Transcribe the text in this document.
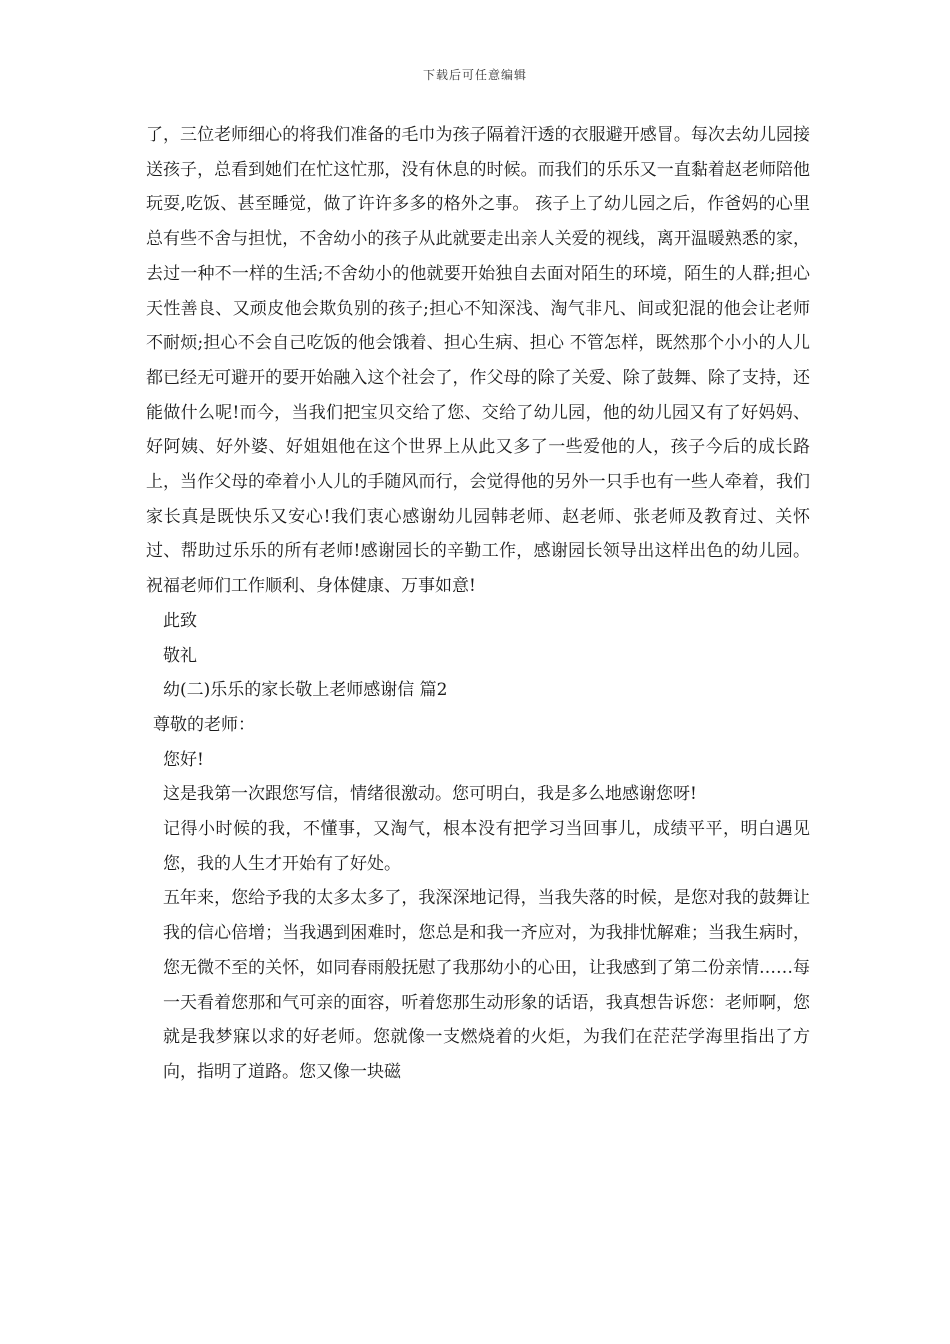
下载后可任意编辑

了，三位老师细心的将我们准备的毛巾为孩子隔着汗透的衣服避开感冒。每次去幼儿园接送孩子，总看到她们在忙这忙那，没有休息的时候。而我们的乐乐又一直黏着赵老师陪他玩耍,吃饭、甚至睡觉，做了许许多多的格外之事。 孩子上了幼儿园之后，作爸妈的心里总有些不舍与担忧，不舍幼小的孩子从此就要走出亲人关爱的视线，离开温暖熟悉的家，去过一种不一样的生活;不舍幼小的他就要开始独自去面对陌生的环境，陌生的人群;担心天性善良、又顽皮他会欺负别的孩子;担心不知深浅、淘气非凡、间或犯混的他会让老师不耐烦;担心不会自己吃饭的他会饿着、担心生病、担心 不管怎样，既然那个小小的人儿都已经无可避开的要开始融入这个社会了，作父母的除了关爱、除了鼓舞、除了支持，还能做什么呢!而今，当我们把宝贝交给了您、交给了幼儿园，他的幼儿园又有了好妈妈、好阿姨、好外婆、好姐姐他在这个世界上从此又多了一些爱他的人，孩子今后的成长路上，当作父母的牵着小人儿的手随风而行，会觉得他的另外一只手也有一些人牵着，我们家长真是既快乐又安心!我们衷心感谢幼儿园韩老师、赵老师、张老师及教育过、关怀过、帮助过乐乐的所有老师!感谢园长的辛勤工作，感谢园长领导出这样出色的幼儿园。 祝福老师们工作顺利、身体健康、万事如意!

此致

敬礼

幼(二)乐乐的家长敬上老师感谢信 篇2

尊敬的老师：

您好!

这是我第一次跟您写信，情绪很激动。您可明白，我是多么地感谢您呀!

记得小时候的我，不懂事，又淘气，根本没有把学习当回事儿，成绩平平，明白遇见您，我的人生才开始有了好处。

五年来，您给予我的太多太多了，我深深地记得，当我失落的时候，是您对我的鼓舞让我的信心倍增；当我遇到困难时，您总是和我一齐应对，为我排忧解难；当我生病时，您无微不至的关怀，如同春雨般抚慰了我那幼小的心田，让我感到了第二份亲情……每一天看着您那和气可亲的面容，听着您那生动形象的话语，我真想告诉您：老师啊，您就是我梦寐以求的好老师。您就像一支燃烧着的火炬，为我们在茫茫学海里指出了方向，指明了道路。您又像一块磁
